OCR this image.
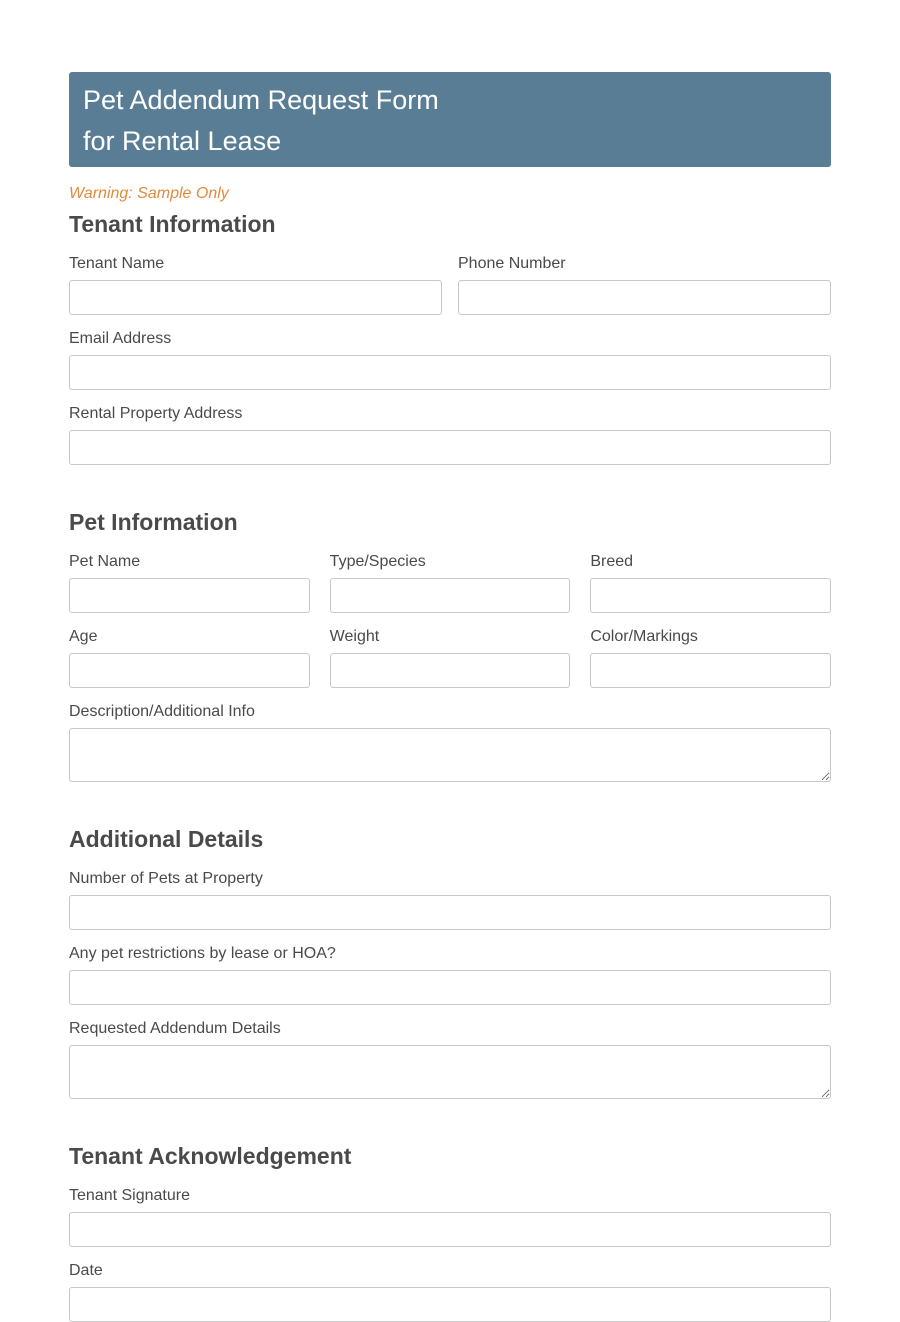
Pet Addendum Request Form
for Rental Lease
Warning: Sample Only
Tenant Information
Tenant Name	Phone Number
Email Address
Rental Property Address
Pet Information
Pet Name	Type/Species	Breed
Age	Weight	Color/Markings
Description/Additional Info
Additional Details
Number of Pets at Property
Any pet restrictions by lease or HOA?
Requested Addendum Details
Tenant Acknowledgement
Tenant Signature
Date
